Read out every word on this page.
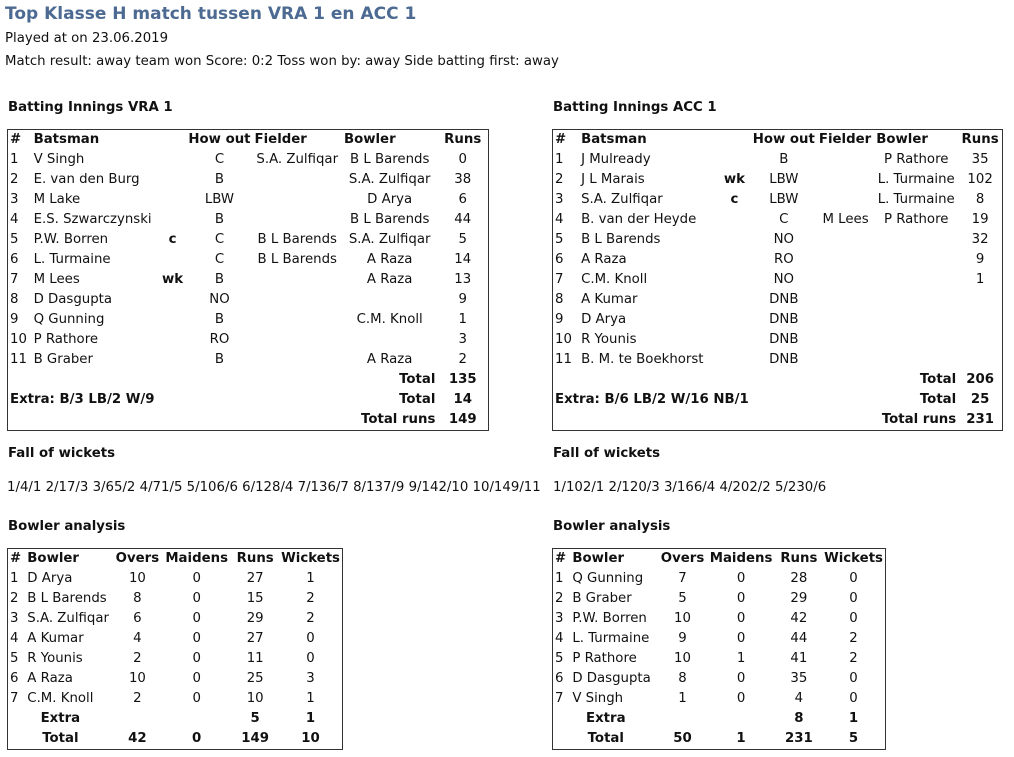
Top Klasse H match tussen VRA 1 en ACC 1
Played at on 23.06.2019
Match result: away team won Score: 0:2 Toss won by: away Side batting first: away
Batting Innings VRA 1	Batting Innings ACC 1
#	Batsman		How out	Fielder	Bowler	Runs
1	V Singh		C	S.A. Zulfiqar	B L Barends	0
2	E. van den Burg		B		S.A. Zulfiqar	38
3	M Lake		LBW		D Arya	6
4	E.S. Szwarczynski		B		B L Barends	44
5	P.W. Borren	c	C	B L Barends	S.A. Zulfiqar	5
6	L. Turmaine		C	B L Barends	A Raza	14
7	M Lees	wk	B		A Raza	13
8	D Dasgupta		NO			9
9	Q Gunning		B		C.M. Knoll	1
10	P Rathore		RO			3
11	B Graber		B		A Raza	2
Total						135
Extra: B/3 LB/2 W/9			Total			14
Total runs						149
#	Batsman		How out	Fielder	Bowler	Runs
1	J Mulready		B		P Rathore	35
2	J L Marais	wk	LBW		L. Turmaine	102
3	S.A. Zulfiqar	c	LBW		L. Turmaine	8
4	B. van der Heyde		C	M Lees	P Rathore	19
5	B L Barends		NO			32
6	A Raza		RO			9
7	C.M. Knoll		NO			1
8	A Kumar		DNB			
9	D Arya		DNB			
10	R Younis		DNB			
11	B. M. te Boekhorst		DNB			
Total						206
Extra: B/6 LB/2 W/16 NB/1			Total			25
Total runs						231
Fall of wickets	Fall of wickets
1/4/1 2/17/3 3/65/2 4/71/5 5/106/6 6/128/4 7/136/7 8/137/9 9/142/10 10/149/11 1/102/1 2/120/3 3/166/4 4/202/2 5/230/6
Bowler analysis	Bowler analysis
#	Bowler	Overs	Maidens	Runs	Wickets
1	D Arya	10	0	27	1
2	B L Barends	8	0	15	2
3	S.A. Zulfiqar	6	0	29	2
4	A Kumar	4	0	27	0
5	R Younis	2	0	11	0
6	A Raza	10	0	25	3
7	C.M. Knoll	2	0	10	1
Extra				5	1
Total		42	0	149	10
#	Bowler	Overs	Maidens	Runs	Wickets
1	Q Gunning	7	0	28	0
2	B Graber	5	0	29	0
3	P.W. Borren	10	0	42	0
4	L. Turmaine	9	0	44	2
5	P Rathore	10	1	41	2
6	D Dasgupta	8	0	35	0
7	V Singh	1	0	4	0
Extra				8	1
Total		50	1	231	5
